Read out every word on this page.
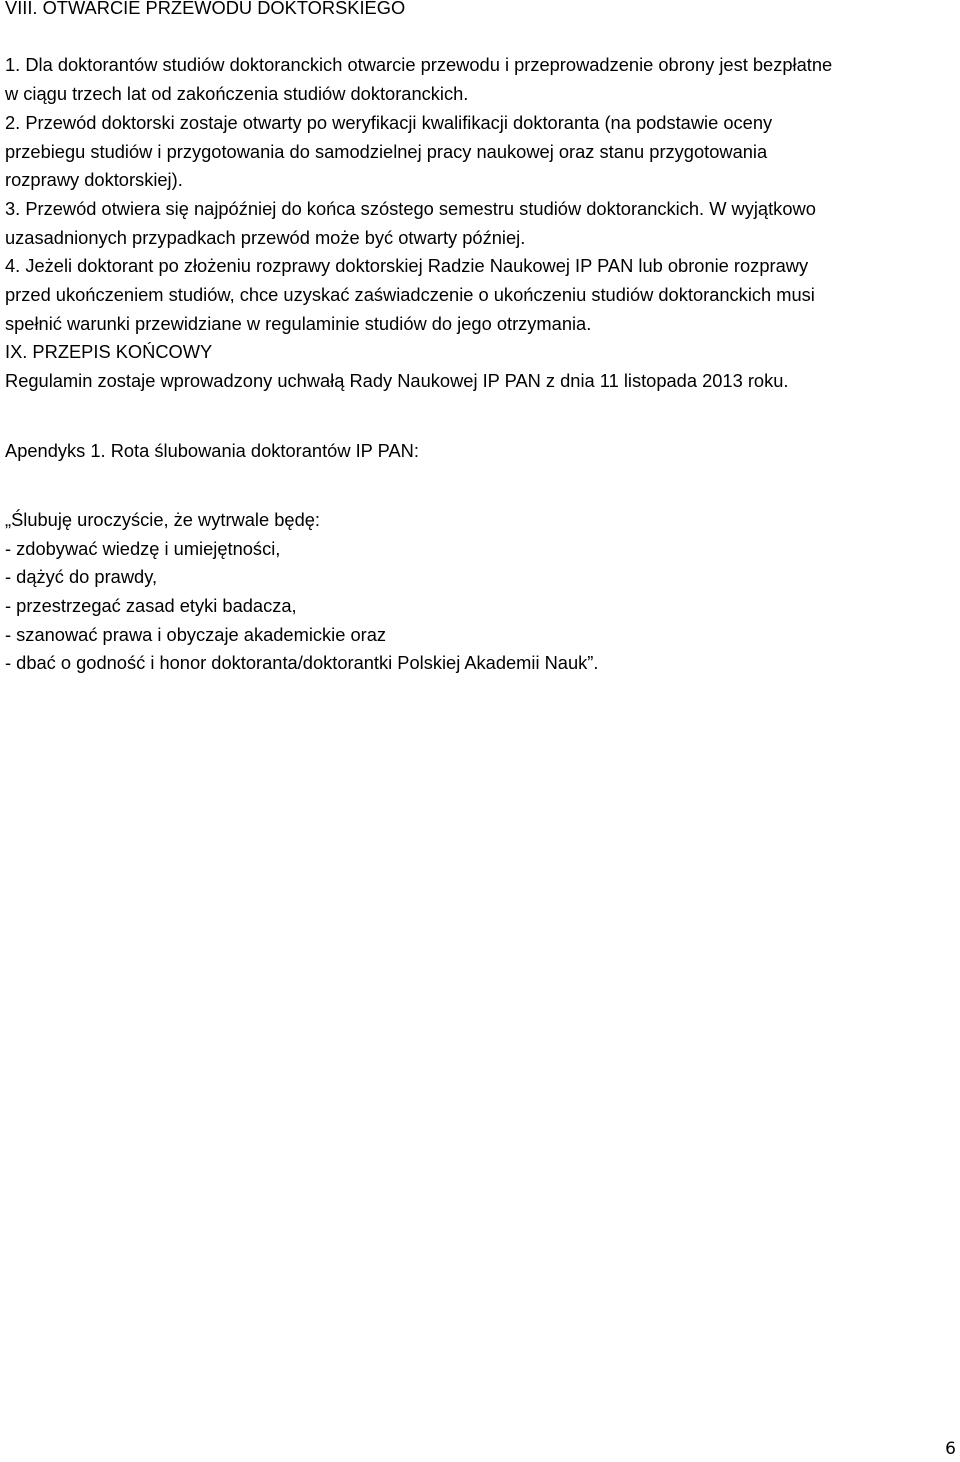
VIII. OTWARCIE PRZEWODU DOKTORSKIEGO
1. Dla doktorantów studiów doktoranckich otwarcie przewodu i przeprowadzenie obrony jest bezpłatne
w ciągu trzech lat od zakończenia studiów doktoranckich.
2. Przewód doktorski zostaje otwarty po weryfikacji kwalifikacji doktoranta (na podstawie oceny
przebiegu studiów i przygotowania do samodzielnej pracy naukowej oraz stanu przygotowania
rozprawy doktorskiej).
3. Przewód otwiera się najpóźniej do końca szóstego semestru studiów doktoranckich. W wyjątkowo
uzasadnionych przypadkach przewód może być otwarty później.
4. Jeżeli doktorant po złożeniu rozprawy doktorskiej Radzie Naukowej IP PAN lub obronie rozprawy
przed ukończeniem studiów, chce uzyskać zaświadczenie o ukończeniu studiów doktoranckich musi
spełnić warunki przewidziane w regulaminie studiów do jego otrzymania.
IX. PRZEPIS KOŃCOWY
Regulamin zostaje wprowadzony uchwałą Rady Naukowej IP PAN z dnia 11 listopada 2013 roku.
Apendyks 1. Rota ślubowania doktorantów IP PAN:
„Ślubuję uroczyście, że wytrwale będę:
- zdobywać wiedzę i umiejętności,
- dążyć do prawdy,
- przestrzegać zasad etyki badacza,
- szanować prawa i obyczaje akademickie oraz
- dbać o godność i honor doktoranta/doktorantki Polskiej Akademii Nauk”.
6
